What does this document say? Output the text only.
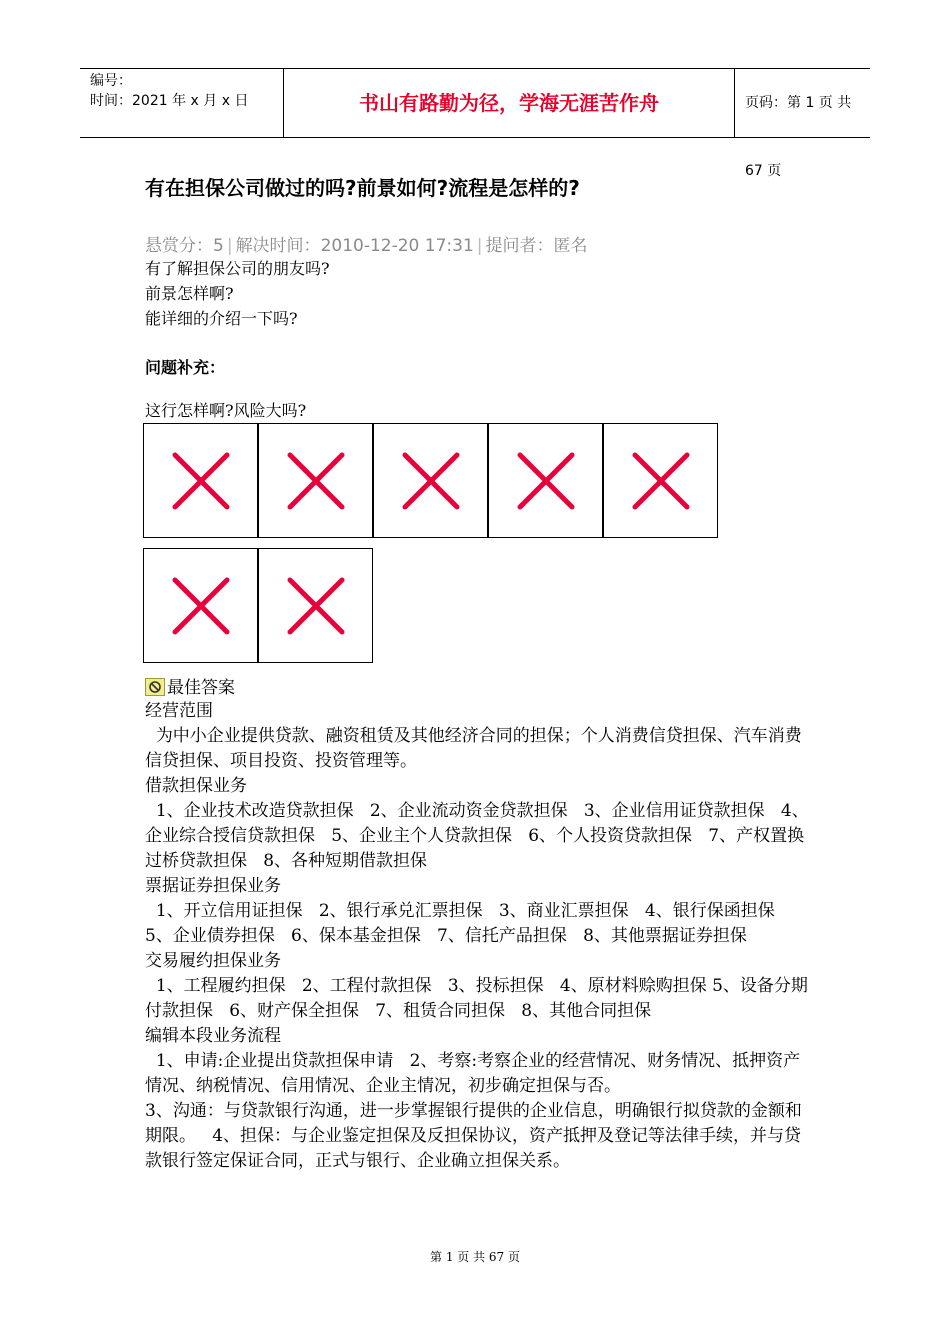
编号：
时间：2021 年 x 月 x 日	书山有路勤为径，学海无涯苦作舟	页码：第 1 页 共 67 页
有在担保公司做过的吗?前景如何?流程是怎样的?
悬赏分：5 | 解决时间：2010-12-20 17:31 | 提问者：匿名
有了解担保公司的朋友吗?
前景怎样啊?
能详细的介绍一下吗?
问题补充：
这行怎样啊?风险大吗?
最佳答案

经营范围

为中小企业提供贷款、融资租赁及其他经济合同的担保；个人消费信贷担保、汽车消费信贷担保、项目投资、投资管理等。

借款担保业务

1、企业技术改造贷款担保   2、企业流动资金贷款担保   3、企业信用证贷款担保   4、企业综合授信贷款担保   5、企业主个人贷款担保   6、个人投资贷款担保   7、产权置换过桥贷款担保   8、各种短期借款担保

票据证券担保业务

1、开立信用证担保   2、银行承兑汇票担保   3、商业汇票担保   4、银行保函担保   5、企业债券担保   6、保本基金担保   7、信托产品担保   8、其他票据证券担保

交易履约担保业务

1、工程履约担保   2、工程付款担保   3、投标担保   4、原材料赊购担保 5、设备分期付款担保   6、财产保全担保   7、租赁合同担保   8、其他合同担保

编辑本段业务流程

1、申请:企业提出贷款担保申请   2、考察:考察企业的经营情况、财务情况、抵押资产情况、纳税情况、信用情况、企业主情况，初步确定担保与否。

3、沟通：与贷款银行沟通，进一步掌握银行提供的企业信息，明确银行拟贷款的金额和期限。   4、担保：与企业鉴定担保及反担保协议，资产抵押及登记等法律手续，并与贷款银行签定保证合同，正式与银行、企业确立担保关系。

第 1 页 共 67 页
